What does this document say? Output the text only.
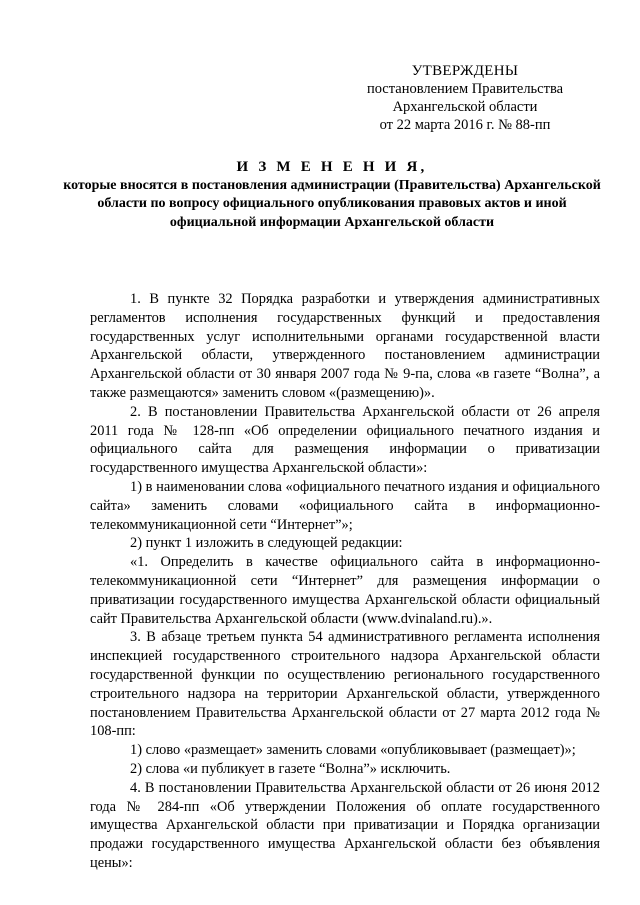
УТВЕРЖДЕНЫ
постановлением Правительства
Архангельской области
от 22 марта 2016 г. № 88-пп
И З М Е Н Е Н И Я,
которые вносятся в постановления администрации (Правительства) Архангельской области по вопросу официального опубликования правовых актов и иной официальной информации Архангельской области

1. В пункте 32 Порядка разработки и утверждения административных регламентов исполнения государственных функций и предоставления государственных услуг исполнительными органами государственной власти Архангельской области, утвержденного постановлением администрации Архангельской области от 30 января 2007 года № 9-па, слова «в газете “Волна”, а также размещаются» заменить словом «(размещению)».

2. В постановлении Правительства Архангельской области от 26 апреля 2011 года № 128-пп «Об определении официального печатного издания и официального сайта для размещения информации о приватизации государственного имущества Архангельской области»:

1) в наименовании слова «официального печатного издания и официального сайта» заменить словами «официального сайта в информационно-телекоммуникационной сети “Интернет”»;

2) пункт 1 изложить в следующей редакции:

«1. Определить в качестве официального сайта в информационно-телекоммуникационной сети “Интернет” для размещения информации о приватизации государственного имущества Архангельской области официальный сайт Правительства Архангельской области (www.dvinaland.ru).».

3. В абзаце третьем пункта 54 административного регламента исполнения инспекцией государственного строительного надзора Архангельской области государственной функции по осуществлению регионального государственного строительного надзора на территории Архангельской области, утвержденного постановлением Правительства Архангельской области от 27 марта 2012 года № 108-пп:

1) слово «размещает» заменить словами «опубликовывает (размещает)»;

2) слова «и публикует в газете “Волна”» исключить.

4. В постановлении Правительства Архангельской области от 26 июня 2012 года № 284-пп «Об утверждении Положения об оплате государственного имущества Архангельской области при приватизации и Порядка организации продажи государственного имущества Архангельской области без объявления цены»:
